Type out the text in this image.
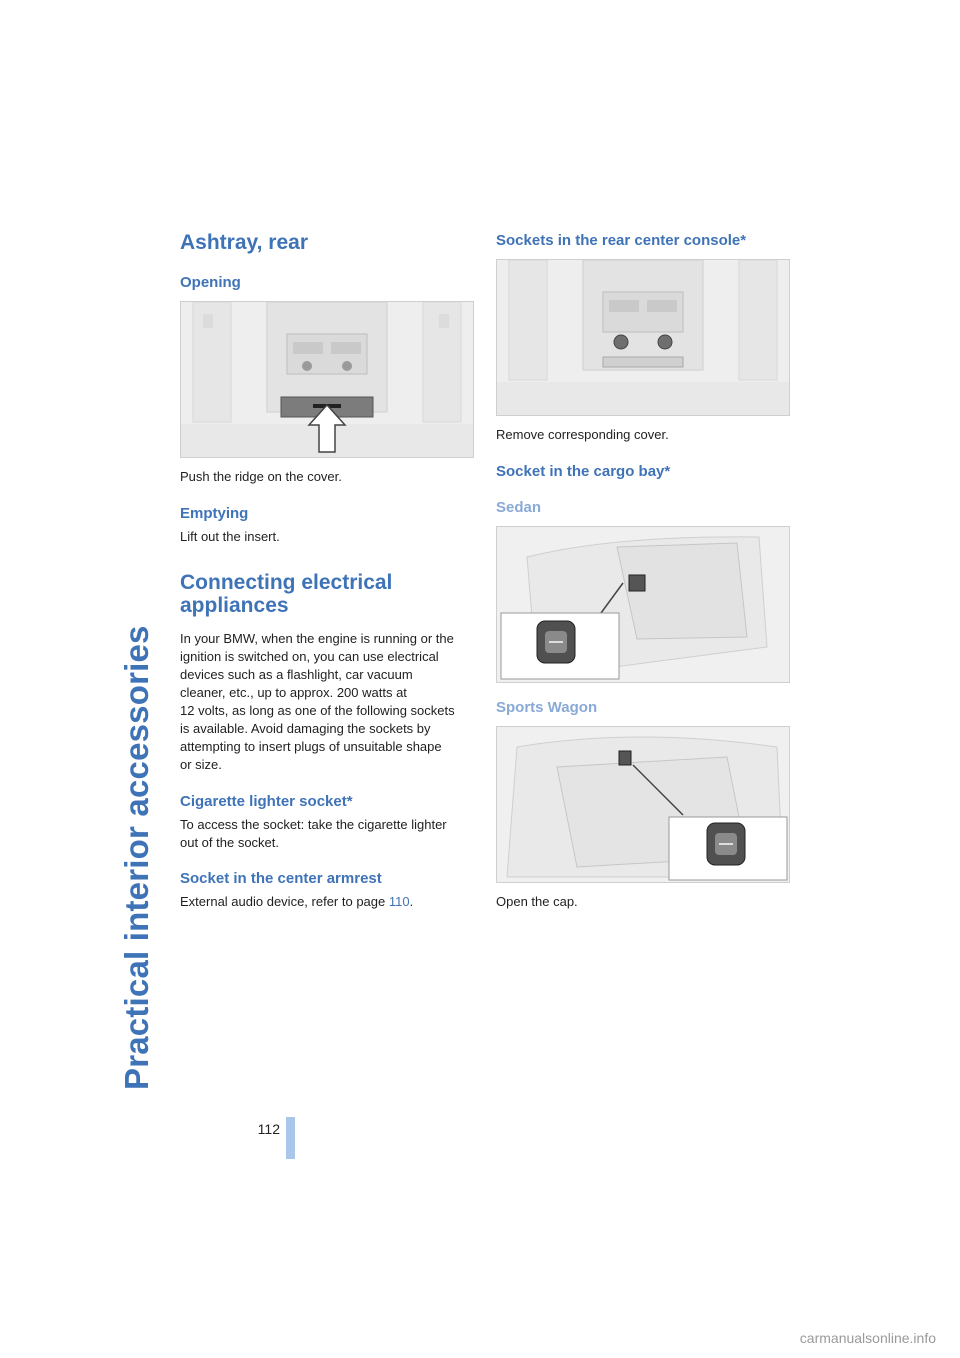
Practical interior accessories
Ashtray, rear
Opening

Push the ridge on the cover.

Emptying

Lift out the insert.

Connecting electrical
appliances

In your BMW, when the engine is running or the
ignition is switched on, you can use electrical
devices such as a flashlight, car vacuum
cleaner, etc., up to approx. 200 watts at
12 volts, as long as one of the following sockets
is available. Avoid damaging the sockets by
attempting to insert plugs of unsuitable shape
or size.

Cigarette lighter socket*

To access the socket: take the cigarette lighter
out of the socket.

Socket in the center armrest

External audio device, refer to page 110.

Sockets in the rear center console*

Remove corresponding cover.

Socket in the cargo bay*
Sedan
Sports Wagon

Open the cap.

112
carmanualsonline.info
